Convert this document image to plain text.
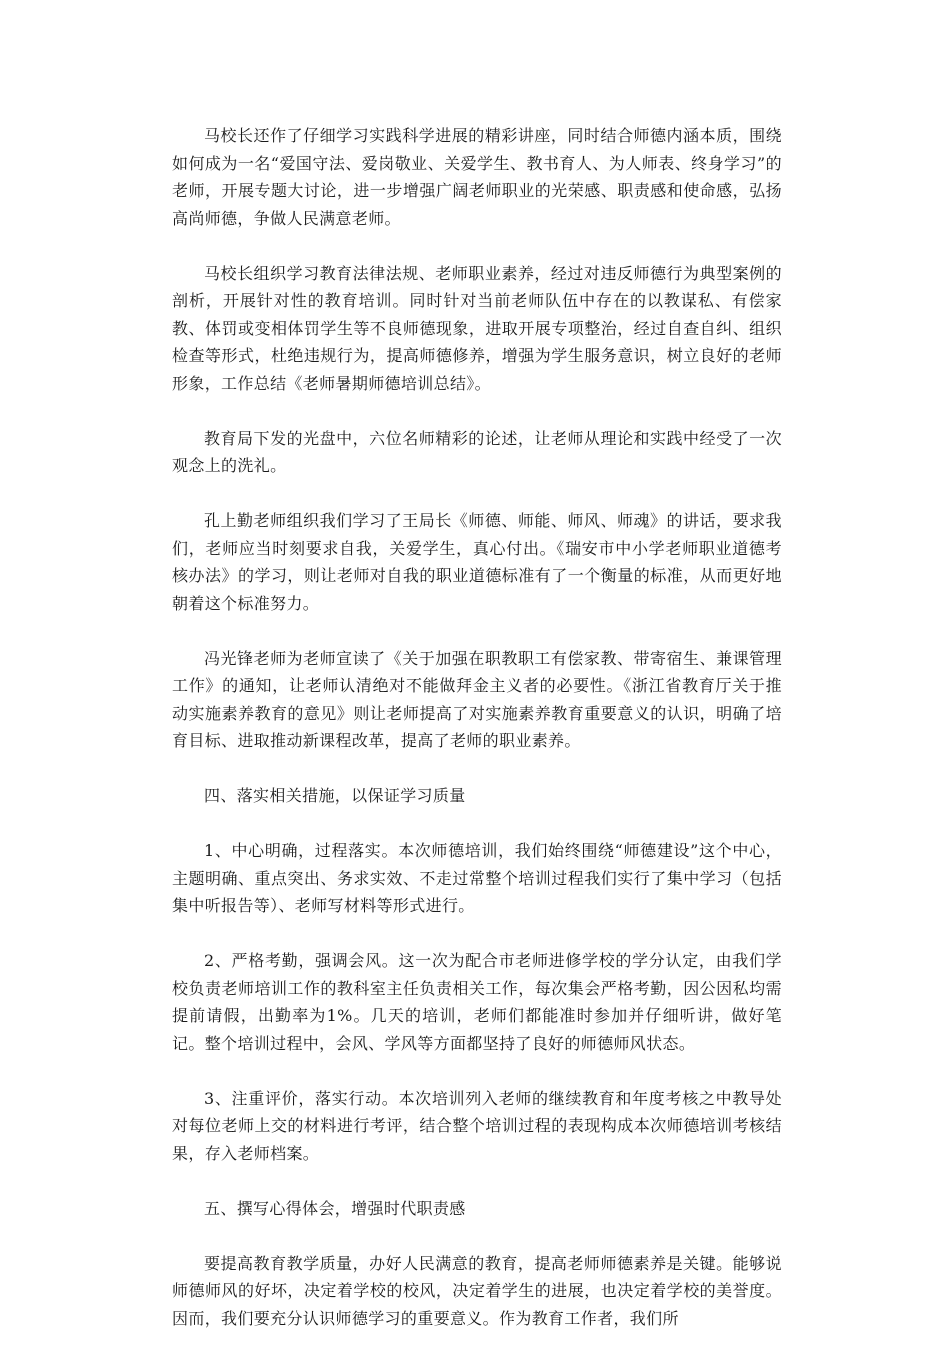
马校长还作了仔细学习实践科学进展的精彩讲座，同时结合师德内涵本质，围绕如何成为一名“爱国守法、爱岗敬业、关爱学生、教书育人、为人师表、终身学习”的老师，开展专题大讨论，进一步增强广阔老师职业的光荣感、职责感和使命感，弘扬高尚师德，争做人民满意老师。

马校长组织学习教育法律法规、老师职业素养，经过对违反师德行为典型案例的剖析，开展针对性的教育培训。同时针对当前老师队伍中存在的以教谋私、有偿家教、体罚或变相体罚学生等不良师德现象，进取开展专项整治，经过自查自纠、组织检查等形式，杜绝违规行为，提高师德修养，增强为学生服务意识，树立良好的老师形象，工作总结《老师暑期师德培训总结》。

教育局下发的光盘中，六位名师精彩的论述，让老师从理论和实践中经受了一次观念上的洗礼。

孔上勤老师组织我们学习了王局长《师德、师能、师风、师魂》的讲话，要求我们，老师应当时刻要求自我，关爱学生，真心付出。《瑞安市中小学老师职业道德考核办法》的学习，则让老师对自我的职业道德标准有了一个衡量的标准，从而更好地朝着这个标准努力。

冯光锋老师为老师宣读了《关于加强在职教职工有偿家教、带寄宿生、兼课管理工作》的通知，让老师认清绝对不能做拜金主义者的必要性。《浙江省教育厅关于推动实施素养教育的意见》则让老师提高了对实施素养教育重要意义的认识，明确了培育目标、进取推动新课程改革，提高了老师的职业素养。

四、落实相关措施，以保证学习质量

1、中心明确，过程落实。本次师德培训，我们始终围绕“师德建设”这个中心，主题明确、重点突出、务求实效、不走过常整个培训过程我们实行了集中学习（包括集中听报告等）、老师写材料等形式进行。

2、严格考勤，强调会风。这一次为配合市老师进修学校的学分认定，由我们学校负责老师培训工作的教科室主任负责相关工作，每次集会严格考勤，因公因私均需提前请假，出勤率为1%。几天的培训，老师们都能准时参加并仔细听讲，做好笔记。整个培训过程中，会风、学风等方面都坚持了良好的师德师风状态。

3、注重评价，落实行动。本次培训列入老师的继续教育和年度考核之中教导处对每位老师上交的材料进行考评，结合整个培训过程的表现构成本次师德培训考核结果，存入老师档案。

五、撰写心得体会，增强时代职责感

要提高教育教学质量，办好人民满意的教育，提高老师师德素养是关键。能够说师德师风的好坏，决定着学校的校风，决定着学生的进展，也决定着学校的美誉度。因而，我们要充分认识师德学习的重要意义。作为教育工作者，我们所
